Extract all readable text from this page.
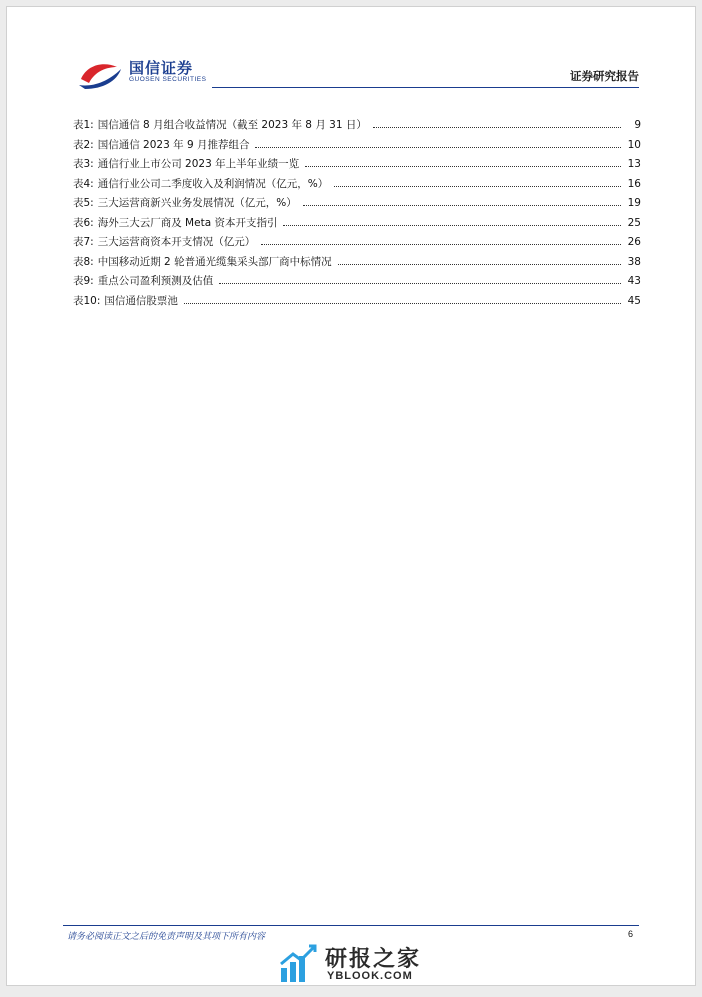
国信证券
GUOSEN SECURITIES	证券研究报告
表1: 国信通信 8 月组合收益情况（截至 2023 年 8 月 31 日）	9
表2: 国信通信 2023 年 9 月推荐组合	10
表3: 通信行业上市公司 2023 年上半年业绩一览	13
表4: 通信行业公司二季度收入及利润情况（亿元，%）	16
表5: 三大运营商新兴业务发展情况（亿元，%）	19
表6: 海外三大云厂商及 Meta 资本开支指引	25
表7: 三大运营商资本开支情况（亿元）	26
表8: 中国移动近期 2 轮普通光缆集采头部厂商中标情况	38
表9: 重点公司盈利预测及估值	43
表10: 国信通信股票池	45
请务必阅读正文之后的免责声明及其项下所有内容	6
研报之家
YBLOOK.COM
